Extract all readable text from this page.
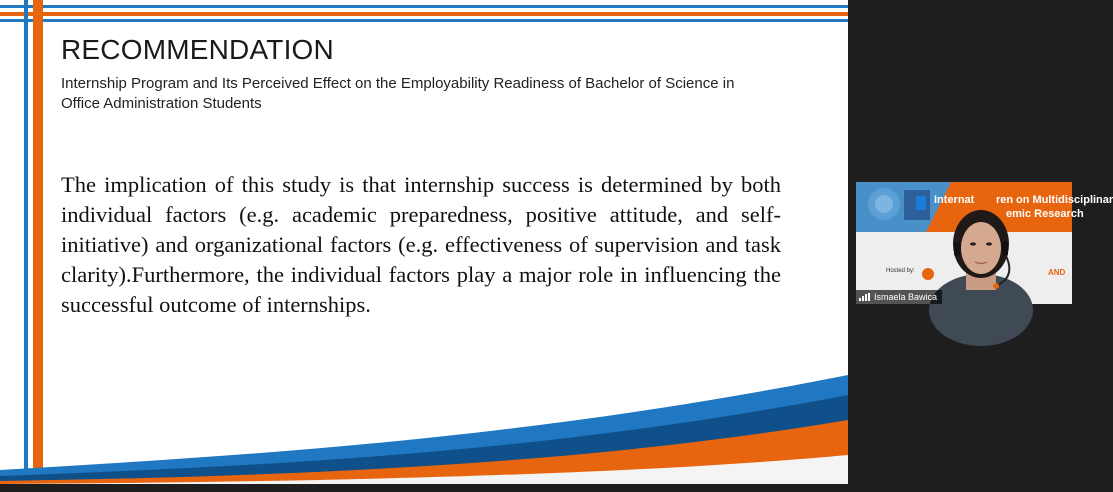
RECOMMENDATION
Internship Program and Its Perceived Effect on the Employability Readiness of Bachelor of Science in Office Administration Students
The implication of this study is that internship success is determined by both individual factors (e.g. academic preparedness, positive attitude, and self-initiative) and organizational factors (e.g. effectiveness of supervision and task clarity).Furthermore, the individual factors play a major role in influencing the successful outcome of internships.
Internat ren on Multidisciplinar
emic Research
Hosted by:	AND
Ismaela Bawica
